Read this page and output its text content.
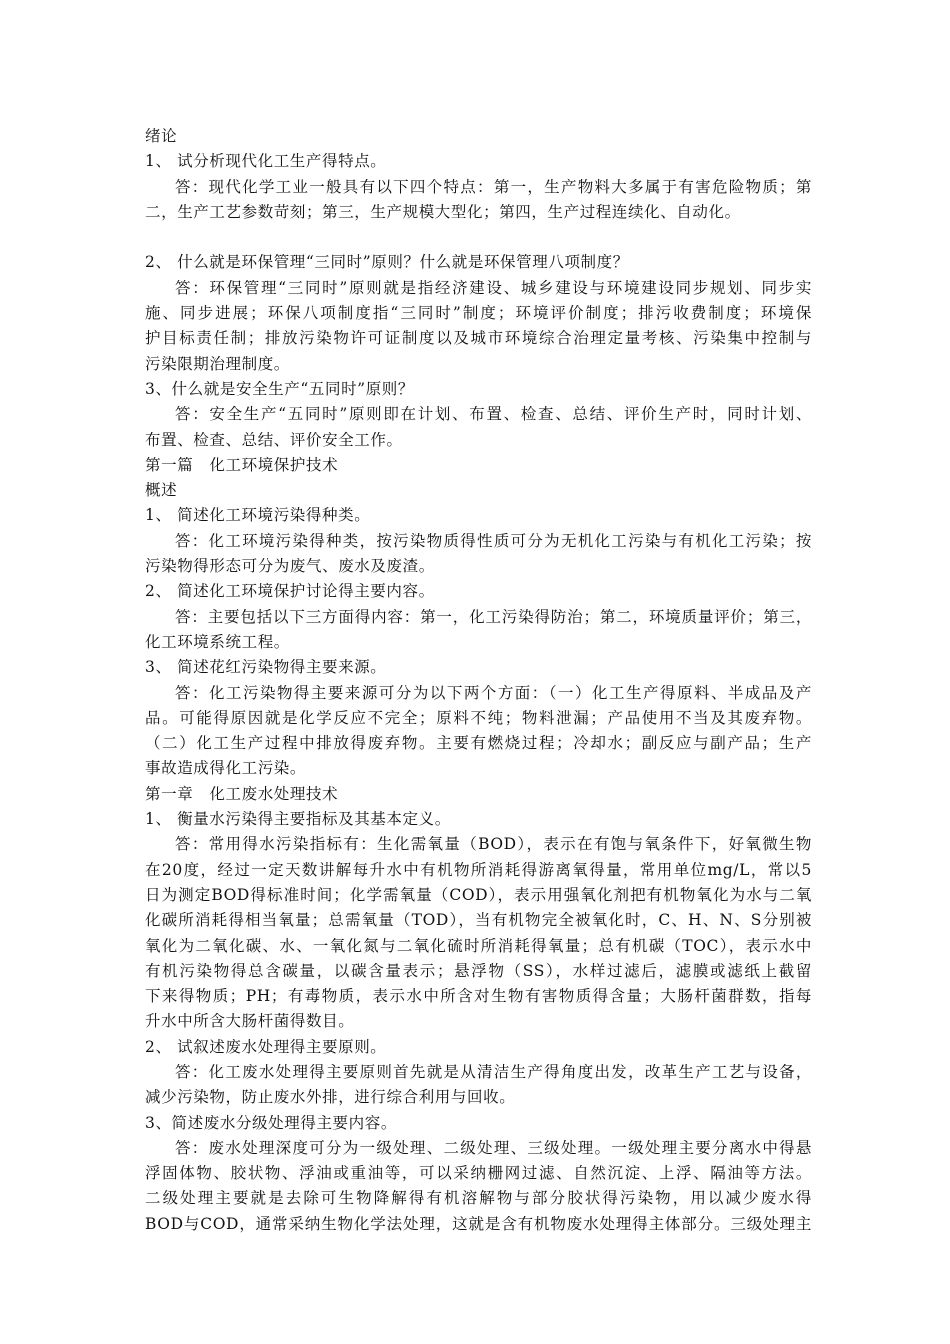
绪论
1、 试分析现代化工生产得特点。
答：现代化学工业一般具有以下四个特点：第一，生产物料大多属于有害危险物质；第
二，生产工艺参数苛刻；第三，生产规模大型化；第四，生产过程连续化、自动化。

2、 什么就是环保管理“三同时”原则？什么就是环保管理八项制度？
答：环保管理“三同时”原则就是指经济建设、城乡建设与环境建设同步规划、同步实
施、同步进展；环保八项制度指“三同时”制度；环境评价制度；排污收费制度；环境保
护目标责任制；排放污染物许可证制度以及城市环境综合治理定量考核、污染集中控制与
污染限期治理制度。
3、什么就是安全生产“五同时”原则？
答：安全生产“五同时”原则即在计划、布置、检查、总结、评价生产时，同时计划、
布置、检查、总结、评价安全工作。
第一篇　化工环境保护技术
概述
1、 简述化工环境污染得种类。
答：化工环境污染得种类，按污染物质得性质可分为无机化工污染与有机化工污染；按
污染物得形态可分为废气、废水及废渣。
2、 简述化工环境保护讨论得主要内容。
答：主要包括以下三方面得内容：第一，化工污染得防治；第二，环境质量评价；第三，
化工环境系统工程。
3、 简述花红污染物得主要来源。
答：化工污染物得主要来源可分为以下两个方面：（一）化工生产得原料、半成品及产
品。可能得原因就是化学反应不完全；原料不纯；物料泄漏；产品使用不当及其废弃物。
（二）化工生产过程中排放得废弃物。主要有燃烧过程；冷却水；副反应与副产品；生产
事故造成得化工污染。
第一章　化工废水处理技术
1、 衡量水污染得主要指标及其基本定义。
答：常用得水污染指标有：生化需氧量（BOD），表示在有饱与氧条件下，好氧微生物
在20度，经过一定天数讲解每升水中有机物所消耗得游离氧得量，常用单位mg/L，常以5
日为测定BOD得标准时间；化学需氧量（COD），表示用强氧化剂把有机物氧化为水与二氧
化碳所消耗得相当氧量；总需氧量（TOD），当有机物完全被氧化时，C、H、N、S分别被
氧化为二氧化碳、水、一氧化氮与二氧化硫时所消耗得氧量；总有机碳（TOC），表示水中
有机污染物得总含碳量，以碳含量表示；悬浮物（SS），水样过滤后，滤膜或滤纸上截留
下来得物质；PH；有毒物质，表示水中所含对生物有害物质得含量；大肠杆菌群数，指每
升水中所含大肠杆菌得数目。
2、 试叙述废水处理得主要原则。
答：化工废水处理得主要原则首先就是从清洁生产得角度出发，改革生产工艺与设备，
减少污染物，防止废水外排，进行综合利用与回收。
3、简述废水分级处理得主要内容。
答：废水处理深度可分为一级处理、二级处理、三级处理。一级处理主要分离水中得悬
浮固体物、胶状物、浮油或重油等，可以采纳栅网过滤、自然沉淀、上浮、隔油等方法。
二级处理主要就是去除可生物降解得有机溶解物与部分胶状得污染物，用以减少废水得
BOD与COD，通常采纳生物化学法处理，这就是含有机物废水处理得主体部分。三级处理主
